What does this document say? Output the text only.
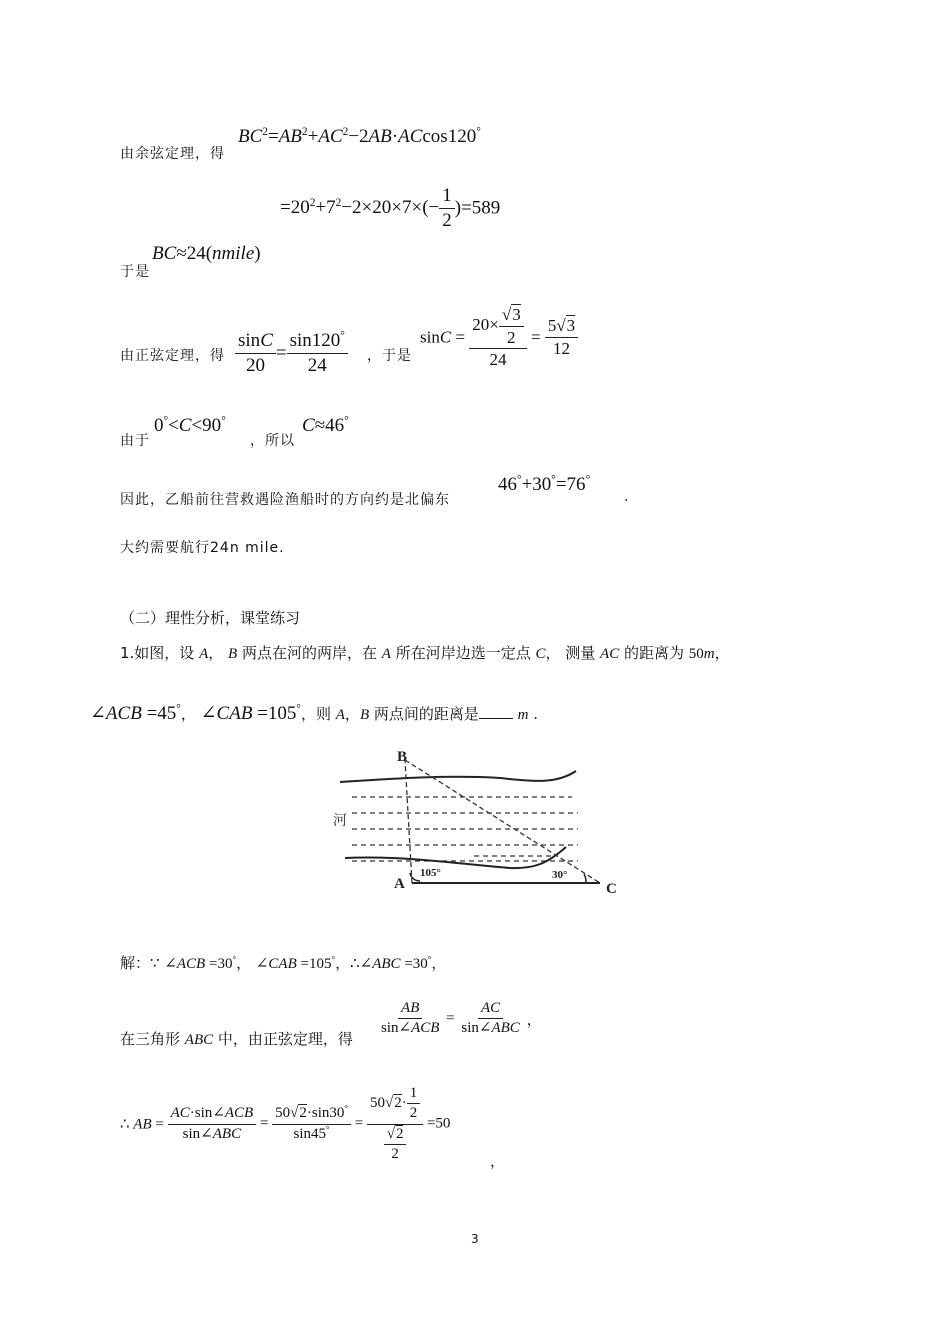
由余弦定理，得
$BC^2=AB^2+AC^2-2AB\cdot ACcos120^\circ$
$=20^2+7^2-2\times 20\times 7\times(- \frac{1}{2} )=589$
于是
BC≈24(nmile)
由正弦定理，得 $\frac{\sin C}{20} = \frac{\sin 120^\circ}{24}$ ，于是
$\sin C = \frac{20\times \frac{√3}{2}}{24} = \frac{5√3}{12}$
由于
0°<C<90°
，所以
C≈46°
因此，乙船前往营救遇险渔船时的方向约是北偏东
46°+30°=76°
.
大约需要航行24n mile.
（二）理性分析，课堂练习
1.如图，设 A， B 两点在河的两岸，在 A 所在河岸边选一定点 C， 测量 AC 的距离为 50m，
∠ACB =45°， ∠CAB =105°，则 A，B 两点间的距离是	m .
河
B
A	C
105°	30°
解：∵ ∠ACB =30°， ∠CAB =105°，∴∠ABC =30°，
在三角形 ABC 中，由正弦定理，得
$\frac{AB}{\text{sin∠ACB}} = \frac{AC}{\text{sin∠ABC}}$ ，
∴ AB = $\frac{\text{AC·sin∠ACB}}{\text{sin∠ABC}} = \frac{50√2\cdot\sin 30^\circ}{\sin 45^\circ} = \frac{50√2\cdot \frac{1}{2}}{\frac{√2}{2}} =50$
，
3
